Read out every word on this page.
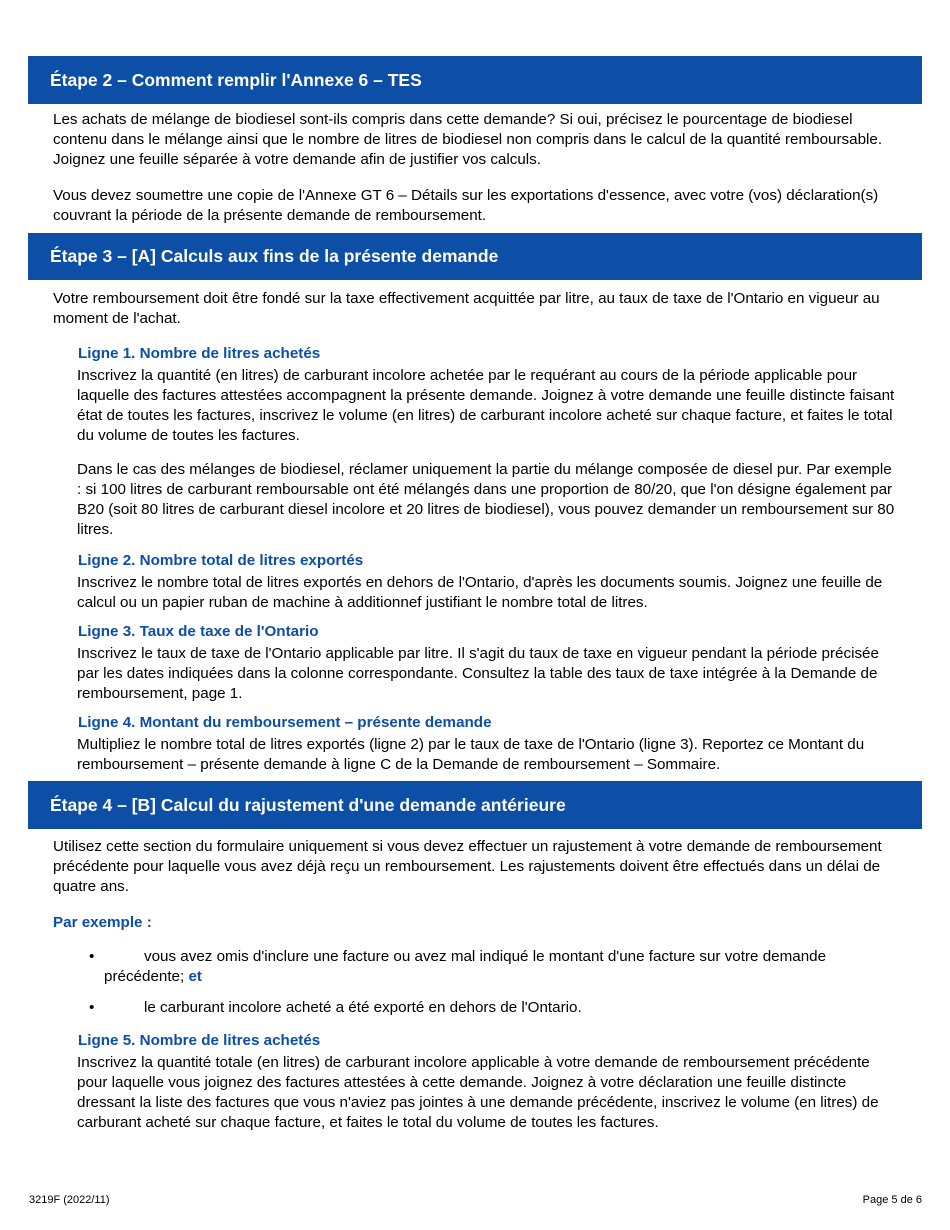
Étape 2 – Comment remplir l'Annexe 6 – TES

Les achats de mélange de biodiesel sont-ils compris dans cette demande? Si oui, précisez le pourcentage de biodiesel contenu dans le mélange ainsi que le nombre de litres de biodiesel non compris dans le calcul de la quantité remboursable. Joignez une feuille séparée à votre demande afin de justifier vos calculs.

Vous devez soumettre une copie de l'Annexe GT 6 – Détails sur les exportations d'essence, avec votre (vos) déclaration(s) couvrant la période de la présente demande de remboursement.

Étape 3 – [A] Calculs aux fins de la présente demande

Votre remboursement doit être fondé sur la taxe effectivement acquittée par litre, au taux de taxe de l'Ontario en vigueur au moment de l'achat.

Ligne 1. Nombre de litres achetés

Inscrivez la quantité (en litres) de carburant incolore achetée par le requérant au cours de la période applicable pour laquelle des factures attestées accompagnent la présente demande. Joignez à votre demande une feuille distincte faisant état de toutes les factures, inscrivez le volume (en litres) de carburant incolore acheté sur chaque facture, et faites le total du volume de toutes les factures.

Dans le cas des mélanges de biodiesel, réclamer uniquement la partie du mélange composée de diesel pur. Par exemple : si 100 litres de carburant remboursable ont été mélangés dans une proportion de 80/20, que l'on désigne également par B20 (soit 80 litres de carburant diesel incolore et 20 litres de biodiesel), vous pouvez demander un remboursement sur 80 litres.

Ligne 2. Nombre total de litres exportés

Inscrivez le nombre total de litres exportés en dehors de l'Ontario, d'après les documents soumis. Joignez une feuille de calcul ou un papier ruban de machine à additionnef justifiant le nombre total de litres.

Ligne 3. Taux de taxe de l'Ontario

Inscrivez le taux de taxe de l'Ontario applicable par litre. Il s'agit du taux de taxe en vigueur pendant la période précisée par les dates indiquées dans la colonne correspondante. Consultez la table des taux de taxe intégrée à la Demande de remboursement, page 1.

Ligne 4. Montant du remboursement – présente demande

Multipliez le nombre total de litres exportés (ligne 2) par le taux de taxe de l'Ontario (ligne 3). Reportez ce Montant du remboursement – présente demande à ligne C de la Demande de remboursement – Sommaire.

Étape 4 – [B] Calcul du rajustement d'une demande antérieure

Utilisez cette section du formulaire uniquement si vous devez effectuer un rajustement à votre demande de remboursement précédente pour laquelle vous avez déjà reçu un remboursement. Les rajustements doivent être effectués dans un délai de quatre ans.

Par exemple :
•	vous avez omis d'inclure une facture ou avez mal indiqué le montant d'une facture sur votre demande précédente; et

•	le carburant incolore acheté a été exporté en dehors de l'Ontario.

Ligne 5. Nombre de litres achetés

Inscrivez la quantité totale (en litres) de carburant incolore applicable à votre demande de remboursement précédente pour laquelle vous joignez des factures attestées à cette demande. Joignez à votre déclaration une feuille distincte dressant la liste des factures que vous n'aviez pas jointes à une demande précédente, inscrivez le volume (en litres) de carburant acheté sur chaque facture, et faites le total du volume de toutes les factures.

3219F (2022/11)	Page 5 de 6
